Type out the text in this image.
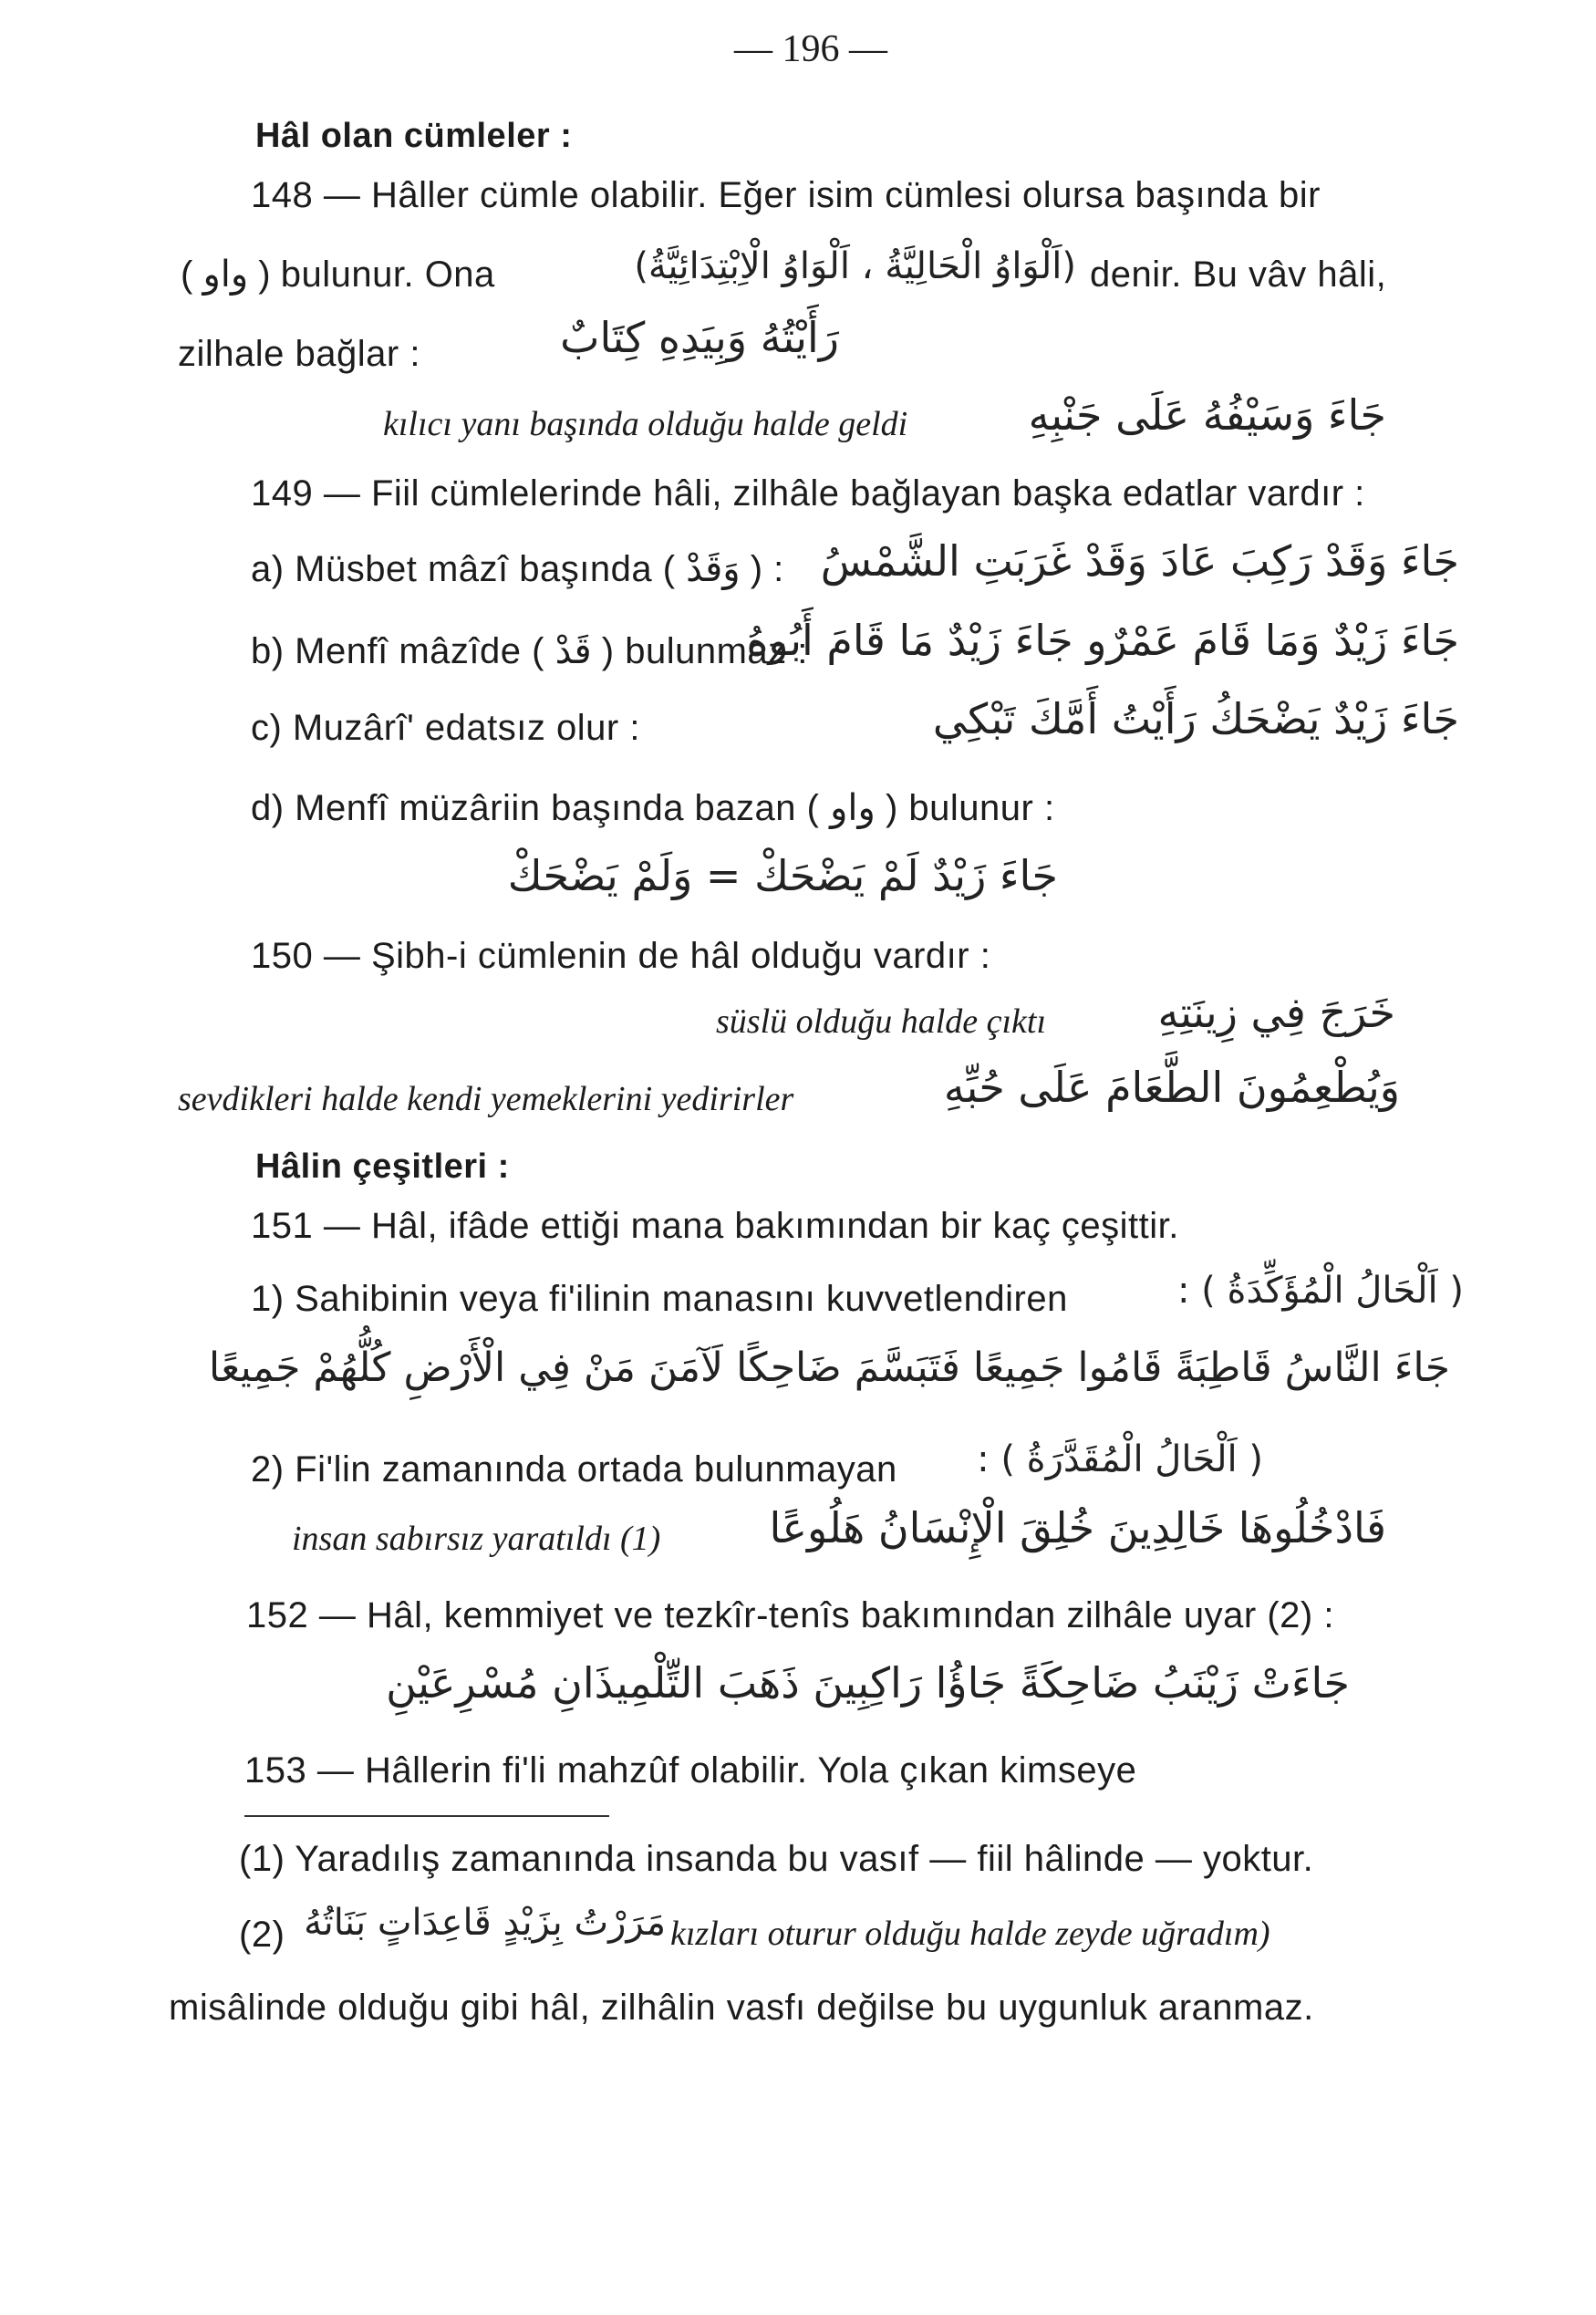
— 196 —
Hâl olan cümleler :
148 — Hâller cümle olabilir. Eğer isim cümlesi olursa başında bir
( واو ) bulunur. Ona	(اَلْوَاوُ الْحَالِيَّةُ ، اَلْوَاوُ الْاِبْتِدَائِيَّةُ) denir. Bu vâv hâli,
zilhale bağlar :	رَأَيْتُهُ وَبِيَدِهِ كِتَابٌ
kılıcı yanı başında olduğu halde geldi	جَاءَ وَسَيْفُهُ عَلَى جَنْبِهِ
149 — Fiil cümlelerinde hâli, zilhâle bağlayan başka edatlar vardır :
a) Müsbet mâzî başında ( وَقَدْ ) : جَاءَ وَقَدْ رَكِبَ عَادَ وَقَدْ غَرَبَتِ الشَّمْسُ
b) Menfî mâzîde ( قَدْ ) bulunmaz :
جَاءَ زَيْدٌ وَمَا قَامَ عَمْرٌو جَاءَ زَيْدٌ مَا قَامَ أَبُوهُ
c) Muzârî' edatsız olur :	جَاءَ زَيْدٌ يَضْحَكُ رَأَيْتُ أَمَّكَ تَبْكِي
d) Menfî müzâriin başında bazan ( واو ) bulunur :
جَاءَ زَيْدٌ لَمْ يَضْحَكْ = وَلَمْ يَضْحَكْ
150 — Şibh-i cümlenin de hâl olduğu vardır :
süslü olduğu halde çıktı	خَرَجَ فِي زِينَتِهِ
sevdikleri halde kendi yemeklerini yedirirler	وَيُطْعِمُونَ الطَّعَامَ عَلَى حُبِّهِ
Hâlin çeşitleri :
151 — Hâl, ifâde ettiği mana bakımından bir kaç çeşittir.
1) Sahibinin veya fi'ilinin manasını kuvvetlendiren	( اَلْحَالُ الْمُؤَكِّدَةُ ) :
جَاءَ النَّاسُ قَاطِبَةً قَامُوا جَمِيعًا فَتَبَسَّمَ ضَاحِكًا لَآمَنَ مَنْ فِي الْأَرْضِ كُلُّهُمْ جَمِيعًا
2) Fi'lin zamanında ortada bulunmayan ( اَلْحَالُ الْمُقَدَّرَةُ ) :
insan sabırsız yaratıldı (1)	فَادْخُلُوهَا خَالِدِينَ خُلِقَ الْإِنْسَانُ هَلُوعًا
152 — Hâl, kemmiyet ve tezkîr-tenîs bakımından zilhâle uyar (2) :
جَاءَتْ زَيْنَبُ ضَاحِكَةً جَاؤُا رَاكِبِينَ ذَهَبَ التِّلْمِيذَانِ مُسْرِعَيْنِ
153 — Hâllerin fi'li mahzûf olabilir. Yola çıkan kimseye
(1) Yaradılış zamanında insanda bu vasıf — fiil hâlinde — yoktur.
(2) مَرَرْتُ بِزَيْدٍ قَاعِدَاتٍ بَنَاتُهُ kızları oturur olduğu halde zeyde uğradım)
misâlinde olduğu gibi hâl, zilhâlin vasfı değilse bu uygunluk aranmaz.
